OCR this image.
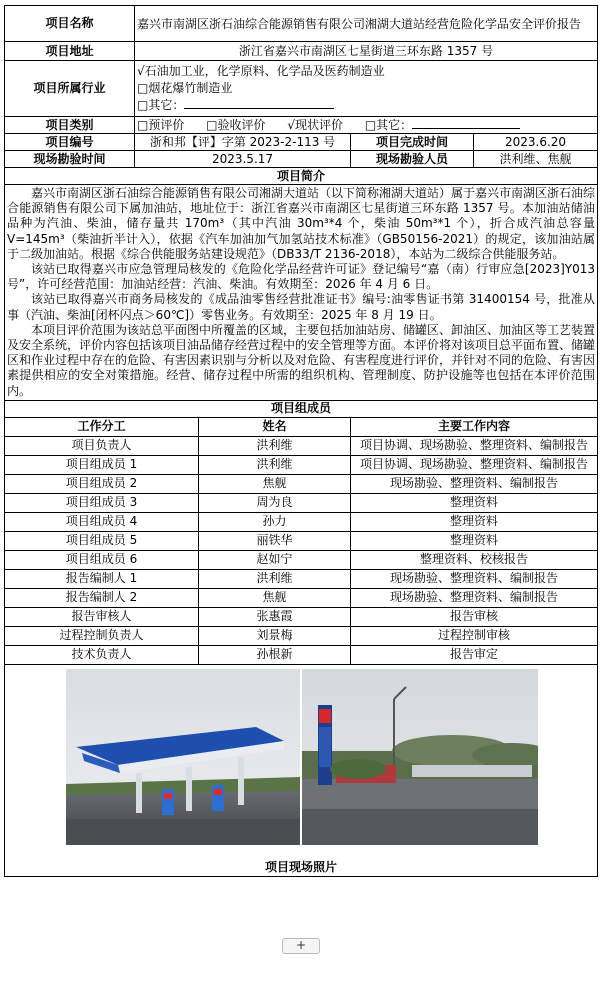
项目名称	嘉兴市南湖区浙石油综合能源销售有限公司湘湖大道站经营危险化学品安全评价报告			
项目地址	浙江省嘉兴市南湖区七星街道三环东路 1357 号			
项目所属行业	√石油加工业，化学原料、化学品及医药制造业
□烟花爆竹制造业
□其它：			

项目类别	□预评价   □验收评价   √现状评价   □其它：			
项目编号	浙和邦【评】字第 2023-2-113 号		项目完成时间	2023.6.20
现场勘验时间	2023.5.17		现场勘验人员	洪利维、焦舰
项目简介				

嘉兴市南湖区浙石油综合能源销售有限公司湘湖大道站（以下简称湘湖大道站）属于嘉兴市南湖区浙石油综合能源销售有限公司下属加油站，地址位于：浙江省嘉兴市南湖区七星街道三环东路 1357 号。本加油站储油品种为汽油、柴油，储存量共 170m³（其中汽油 30m³*4 个，柴油 50m³*1 个），折合成汽油总容量 V=145m³（柴油折半计入），依据《汽车加油加气加氢站技术标准》（GB50156-2021）的规定，该加油站属于二级加油站。根据《综合供能服务站建设规范》（DB33/T 2136-2018），本站为二级综合供能服务站。

该站已取得嘉兴市应急管理局核发的《危险化学品经营许可证》登记编号“嘉（南）行审应急[2023]Y013 号”，许可经营范围：加油站经营：汽油、柴油。有效期至：2026 年 4 月 6 日。

该站已取得嘉兴市商务局核发的《成品油零售经营批准证书》编号:油零售证书第 31400154 号，批准从事（汽油、柴油[闭杯闪点＞60℃]）零售业务。有效期至：2025 年 8 月 19 日。

本项目评价范围为该站总平面图中所覆盖的区域，主要包括加油站房、储罐区、卸油区、加油区等工艺装置及安全系统，评价内容包括该项目油品储存经营过程中的安全管理等方面。本评价将对该项目总平面布置、储罐区和作业过程中存在的危险、有害因素识别与分析以及对危险、有害程度进行评价，并针对不同的危险、有害因素提供相应的安全对策措施。经营、储存过程中所需的组织机构、管理制度、防护设施等也包括在本评价范围内。				

项目组成员				
工作分工		姓名	主要工作内容	
项目负责人		洪利维	项目协调、现场勘验、整理资料、编制报告	
项目组成员 1		洪利维	项目协调、现场勘验、整理资料、编制报告	
项目组成员 2		焦舰	现场勘验、整理资料、编制报告	
项目组成员 3		周为良	整理资料	
项目组成员 4		孙力	整理资料	
项目组成员 5		丽铁华	整理资料	
项目组成员 6		赵如宁	整理资料、校核报告	
报告编制人 1		洪利维	现场勘验、整理资料、编制报告	
报告编制人 2		焦舰	现场勘验、整理资料、编制报告	
报告审核人		张惠霞	报告审核	
过程控制负责人		刘景梅	过程控制审核	
技术负责人		孙根新	报告审定	

项目现场照片				
+
